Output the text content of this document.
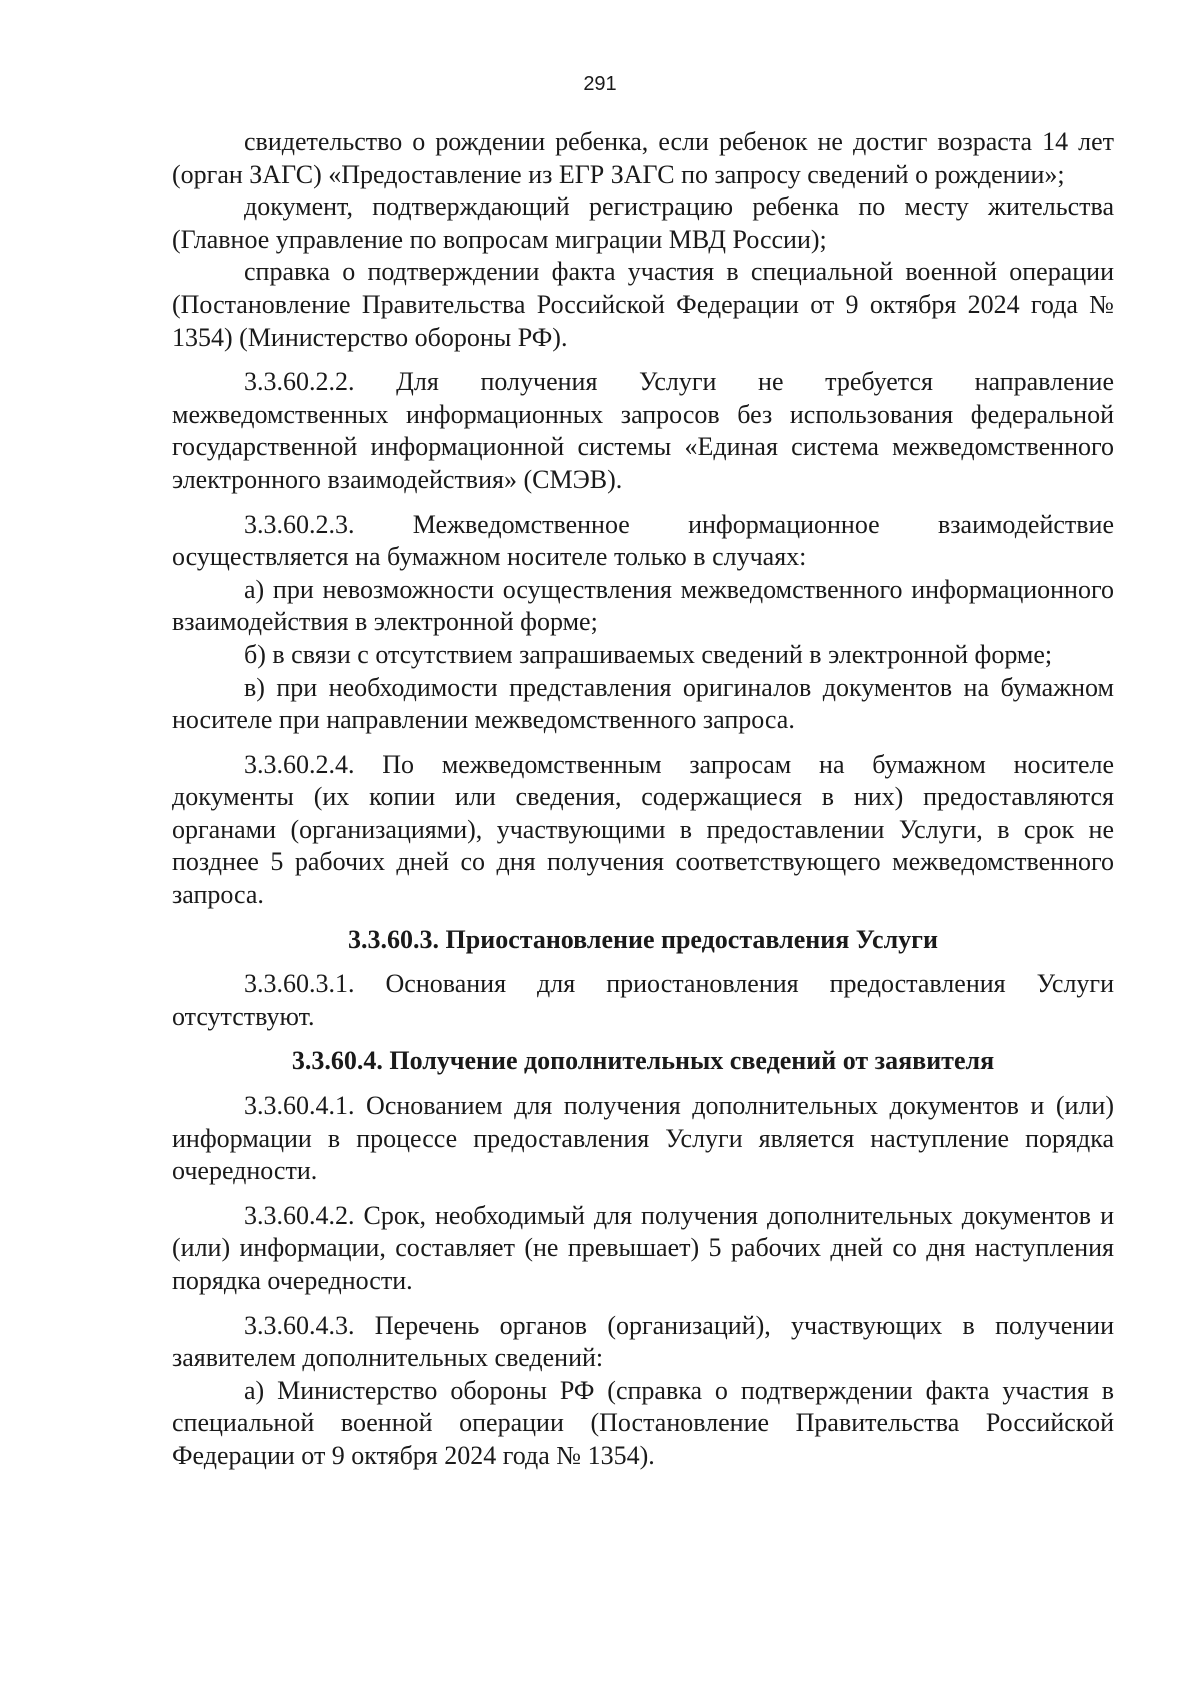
291

свидетельство о рождении ребенка, если ребенок не достиг возраста 14 лет (орган ЗАГС) «Предоставление из ЕГР ЗАГС по запросу сведений о рождении»;

документ, подтверждающий регистрацию ребенка по месту жительства (Главное управление по вопросам миграции МВД России);

справка о подтверждении факта участия в специальной военной операции (Постановление Правительства Российской Федерации от 9 октября 2024 года № 1354) (Министерство обороны РФ).

3.3.60.2.2. Для получения Услуги не требуется направление межведомственных информационных запросов без использования федеральной государственной информационной системы «Единая система межведомственного электронного взаимодействия» (СМЭВ).

3.3.60.2.3. Межведомственное информационное взаимодействие осуществляется на бумажном носителе только в случаях:

а) при невозможности осуществления межведомственного информационного взаимодействия в электронной форме;

б) в связи с отсутствием запрашиваемых сведений в электронной форме;

в) при необходимости представления оригиналов документов на бумажном носителе при направлении межведомственного запроса.

3.3.60.2.4. По межведомственным запросам на бумажном носителе документы (их копии или сведения, содержащиеся в них) предоставляются органами (организациями), участвующими в предоставлении Услуги, в срок не позднее 5 рабочих дней со дня получения соответствующего межведомственного запроса.

3.3.60.3. Приостановление предоставления Услуги

3.3.60.3.1. Основания для приостановления предоставления Услуги отсутствуют.

3.3.60.4. Получение дополнительных сведений от заявителя

3.3.60.4.1. Основанием для получения дополнительных документов и (или) информации в процессе предоставления Услуги является наступление порядка очередности.

3.3.60.4.2. Срок, необходимый для получения дополнительных документов и (или) информации, составляет (не превышает) 5 рабочих дней со дня наступления порядка очередности.

3.3.60.4.3. Перечень органов (организаций), участвующих в получении заявителем дополнительных сведений:

а) Министерство обороны РФ (справка о подтверждении факта участия в специальной военной операции (Постановление Правительства Российской Федерации от 9 октября 2024 года № 1354).
